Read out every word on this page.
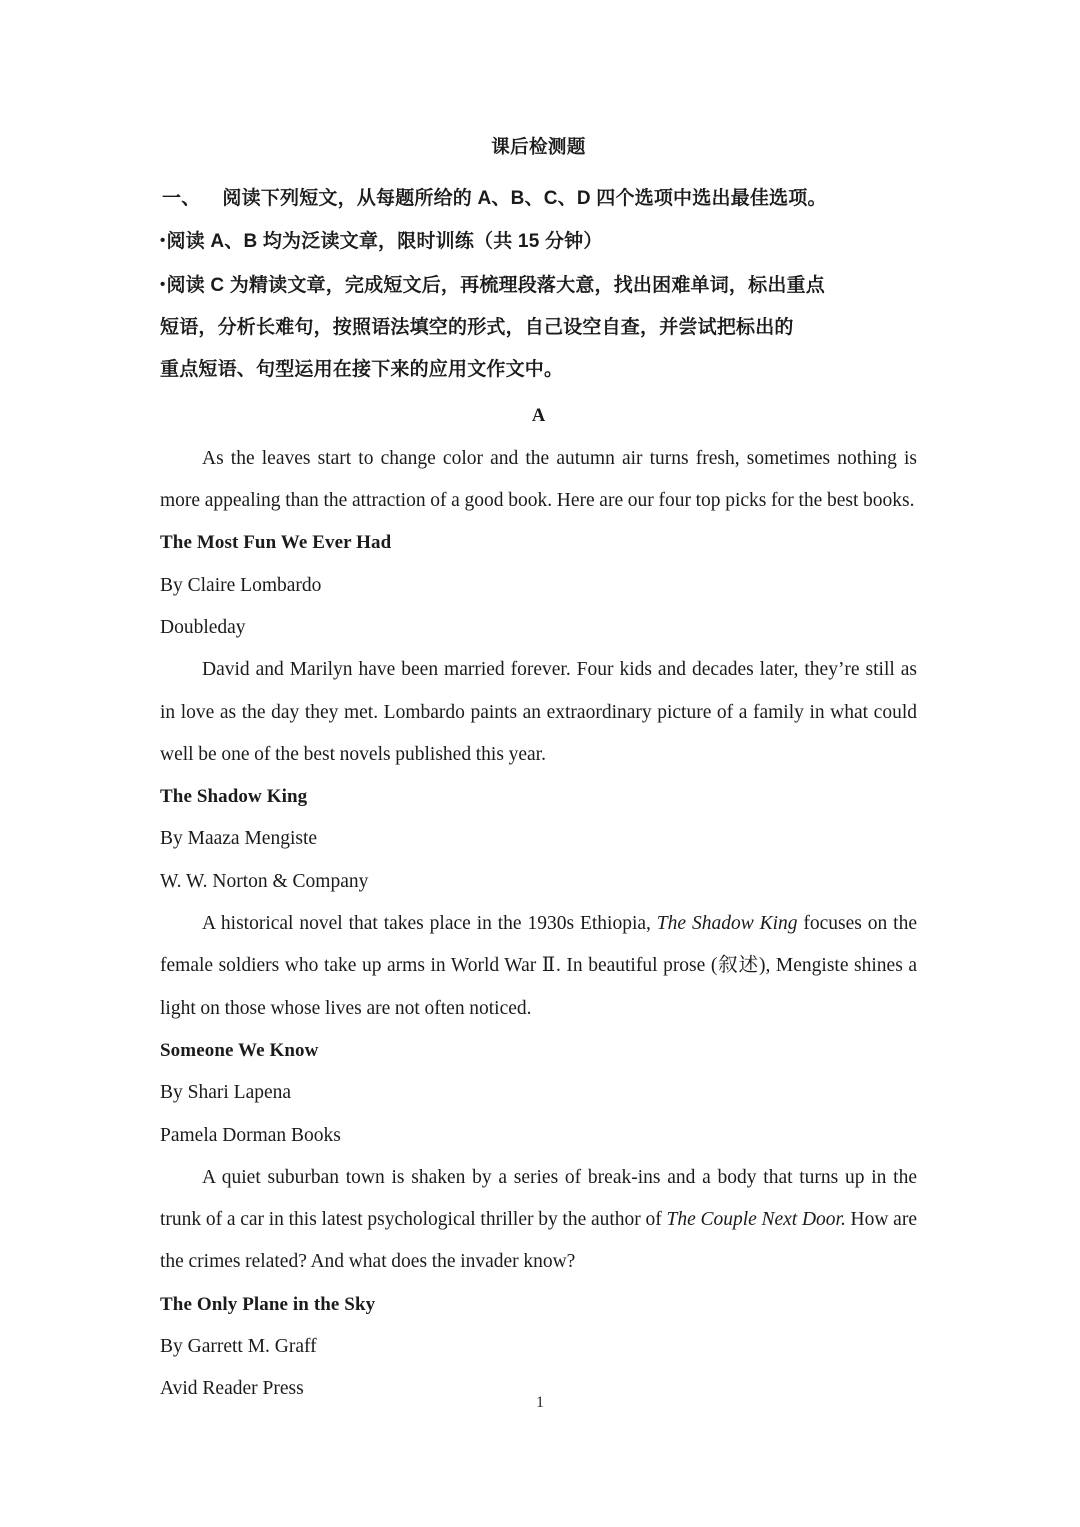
课后检测题
一、 阅读下列短文，从每题所给的 A、B、C、D 四个选项中选出最佳选项。
•阅读 A、B 均为泛读文章，限时训练（共 15 分钟）
•阅读 C 为精读文章，完成短文后，再梳理段落大意，找出困难单词，标出重点
短语，分析长难句，按照语法填空的形式，自己设空自查，并尝试把标出的
重点短语、句型运用在接下来的应用文作文中。
A

As the leaves start to change color and the autumn air turns fresh, sometimes nothing is more appealing than the attraction of a good book. Here are our four top picks for the best books.

The Most Fun We Ever Had
By Claire Lombardo
Doubleday

David and Marilyn have been married forever. Four kids and decades later, they’re still as in love as the day they met. Lombardo paints an extraordinary picture of a family in what could well be one of the best novels published this year.

The Shadow King
By Maaza Mengiste
W. W. Norton & Company

A historical novel that takes place in the 1930s Ethiopia, The Shadow King focuses on the female soldiers who take up arms in World War Ⅱ. In beautiful prose (叙述), Mengiste shines a light on those whose lives are not often noticed.

Someone We Know
By Shari Lapena
Pamela Dorman Books

A quiet suburban town is shaken by a series of break-ins and a body that turns up in the trunk of a car in this latest psychological thriller by the author of The Couple Next Door. How are the crimes related? And what does the invader know?

The Only Plane in the Sky
By Garrett M. Graff
Avid Reader Press
1
